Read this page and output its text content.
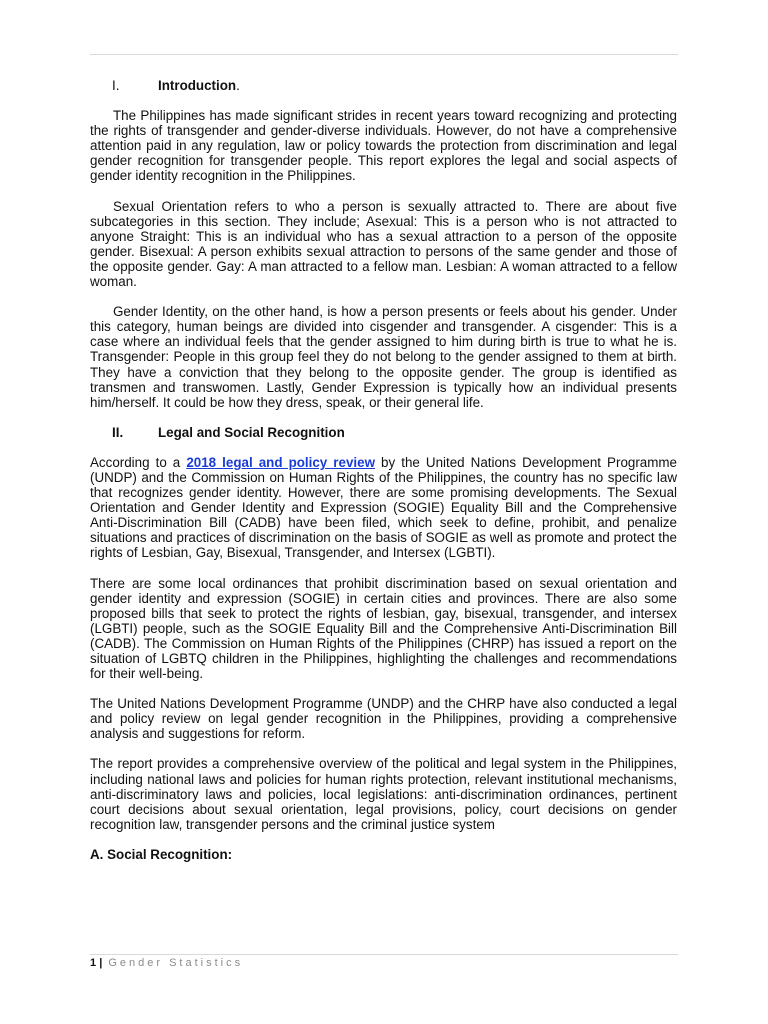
I.	Introduction.

The Philippines has made significant strides in recent years toward recognizing and protecting the rights of transgender and gender-diverse individuals. However, do not have a comprehensive attention paid in any regulation, law or policy towards the protection from discrimination and legal gender recognition for transgender people. This report explores the legal and social aspects of gender identity recognition in the Philippines.

Sexual Orientation refers to who a person is sexually attracted to. There are about five subcategories in this section. They include; Asexual: This is a person who is not attracted to anyone Straight: This is an individual who has a sexual attraction to a person of the opposite gender. Bisexual: A person exhibits sexual attraction to persons of the same gender and those of the opposite gender. Gay: A man attracted to a fellow man. Lesbian: A woman attracted to a fellow woman.

Gender Identity, on the other hand, is how a person presents or feels about his gender. Under this category, human beings are divided into cisgender and transgender. A cisgender: This is a case where an individual feels that the gender assigned to him during birth is true to what he is. Transgender: People in this group feel they do not belong to the gender assigned to them at birth. They have a conviction that they belong to the opposite gender. The group is identified as transmen and transwomen. Lastly, Gender Expression is typically how an individual presents him/herself. It could be how they dress, speak, or their general life.

II.	Legal and Social Recognition

According to a 2018 legal and policy review by the United Nations Development Programme (UNDP) and the Commission on Human Rights of the Philippines, the country has no specific law that recognizes gender identity. However, there are some promising developments. The Sexual Orientation and Gender Identity and Expression (SOGIE) Equality Bill and the Comprehensive Anti-Discrimination Bill (CADB) have been filed, which seek to define, prohibit, and penalize situations and practices of discrimination on the basis of SOGIE as well as promote and protect the rights of Lesbian, Gay, Bisexual, Transgender, and Intersex (LGBTI).

There are some local ordinances that prohibit discrimination based on sexual orientation and gender identity and expression (SOGIE) in certain cities and provinces. There are also some proposed bills that seek to protect the rights of lesbian, gay, bisexual, transgender, and intersex (LGBTI) people, such as the SOGIE Equality Bill and the Comprehensive Anti-Discrimination Bill (CADB). The Commission on Human Rights of the Philippines (CHRP) has issued a report on the situation of LGBTQ children in the Philippines, highlighting the challenges and recommendations for their well-being.

The United Nations Development Programme (UNDP) and the CHRP have also conducted a legal and policy review on legal gender recognition in the Philippines, providing a comprehensive analysis and suggestions for reform.

The report provides a comprehensive overview of the political and legal system in the Philippines, including national laws and policies for human rights protection, relevant institutional mechanisms, anti-discriminatory laws and policies, local legislations: anti-discrimination ordinances, pertinent court decisions about sexual orientation, legal provisions, policy, court decisions on gender recognition law, transgender persons and the criminal justice system

A. Social Recognition:
1 | Gender Statistics
